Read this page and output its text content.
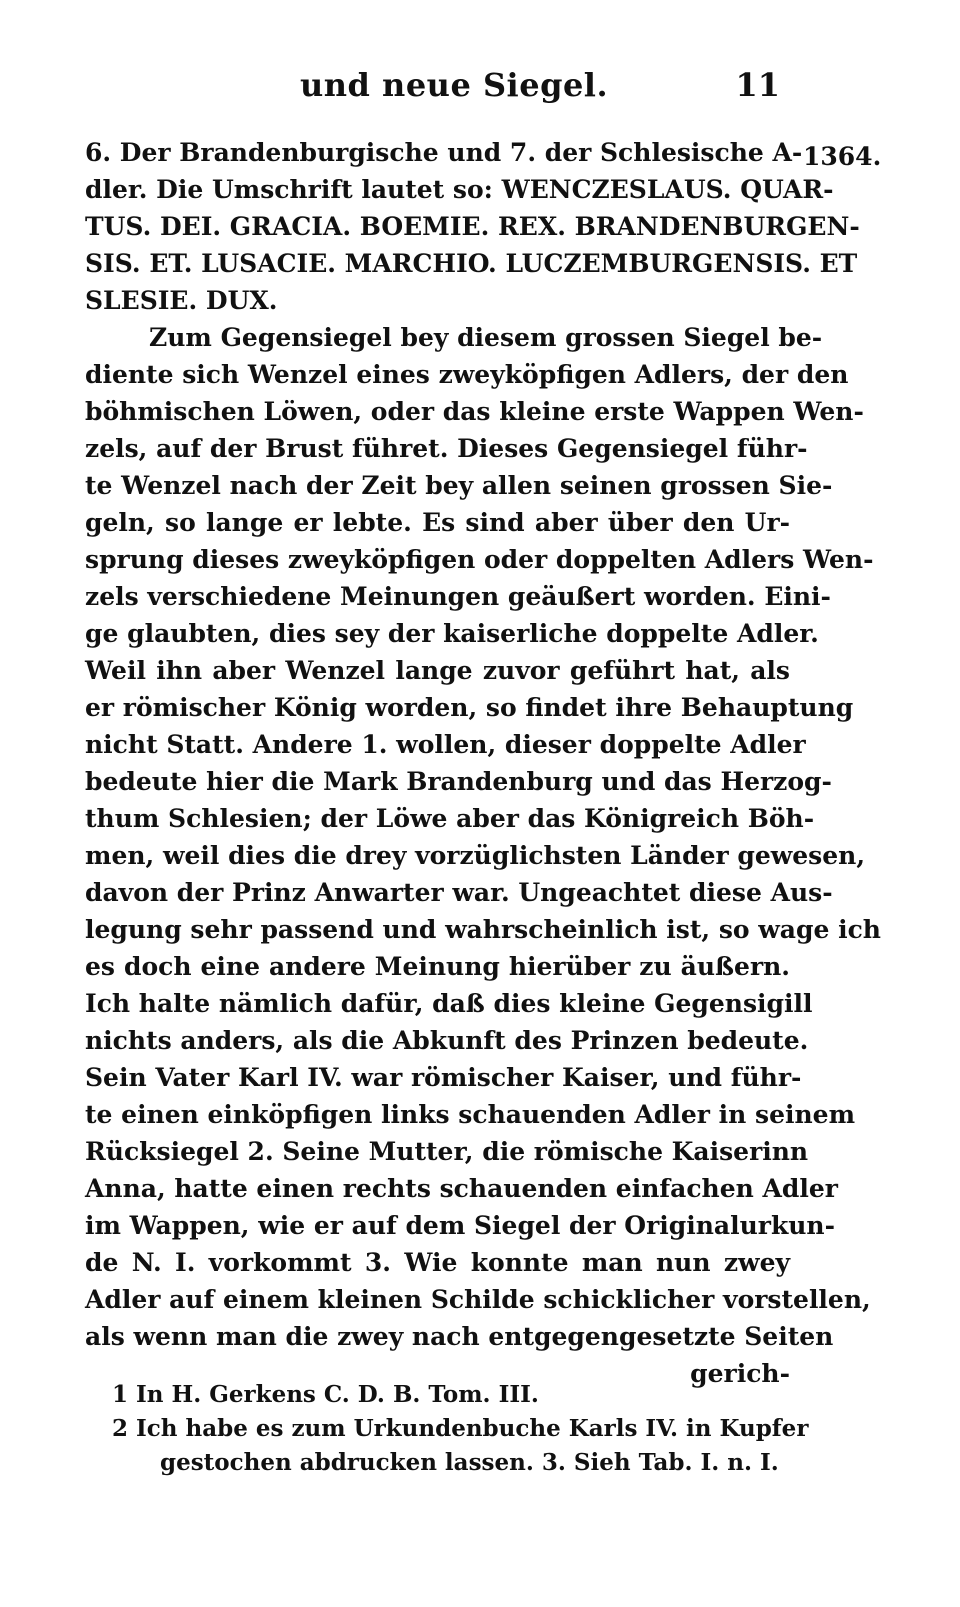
und neue Siegel.	11
1364.
6. Der Brandenburgische und 7. der Schlesische A-
dler. Die Umschrift lautet so: WENCZESLAUS. QUAR-
TUS. DEI. GRACIA. BOEMIE. REX. BRANDENBURGEN-
SIS. ET. LUSACIE. MARCHIO. LUCZEMBURGENSIS. ET
SLESIE. DUX.
Zum Gegensiegel bey diesem grossen Siegel be-
diente sich Wenzel eines zweyköpfigen Adlers, der den
böhmischen Löwen, oder das kleine erste Wappen Wen-
zels, auf der Brust führet. Dieses Gegensiegel führ-
te Wenzel nach der Zeit bey allen seinen grossen Sie-
geln, so lange er lebte. Es sind aber über den Ur-
sprung dieses zweyköpfigen oder doppelten Adlers Wen-
zels verschiedene Meinungen geäußert worden. Eini-
ge glaubten, dies sey der kaiserliche doppelte Adler.
Weil ihn aber Wenzel lange zuvor geführt hat, als
er römischer König worden, so findet ihre Behauptung
nicht Statt. Andere 1. wollen, dieser doppelte Adler
bedeute hier die Mark Brandenburg und das Herzog-
thum Schlesien; der Löwe aber das Königreich Böh-
men, weil dies die drey vorzüglichsten Länder gewesen,
davon der Prinz Anwarter war. Ungeachtet diese Aus-
legung sehr passend und wahrscheinlich ist, so wage ich
es doch eine andere Meinung hierüber zu äußern.
Ich halte nämlich dafür, daß dies kleine Gegensigill
nichts anders, als die Abkunft des Prinzen bedeute.
Sein Vater Karl IV. war römischer Kaiser, und führ-
te einen einköpfigen links schauenden Adler in seinem
Rücksiegel 2. Seine Mutter, die römische Kaiserinn
Anna, hatte einen rechts schauenden einfachen Adler
im Wappen, wie er auf dem Siegel der Originalurkun-
de N. I. vorkommt 3. Wie konnte man nun zwey
Adler auf einem kleinen Schilde schicklicher vorstellen,
als wenn man die zwey nach entgegengesetzte Seiten
gerich-
1 In H. Gerkens C. D. B. Tom. III.
2 Ich habe es zum Urkundenbuche Karls IV. in Kupfer
gestochen abdrucken lassen. 3. Sieh Tab. I. n. I.
